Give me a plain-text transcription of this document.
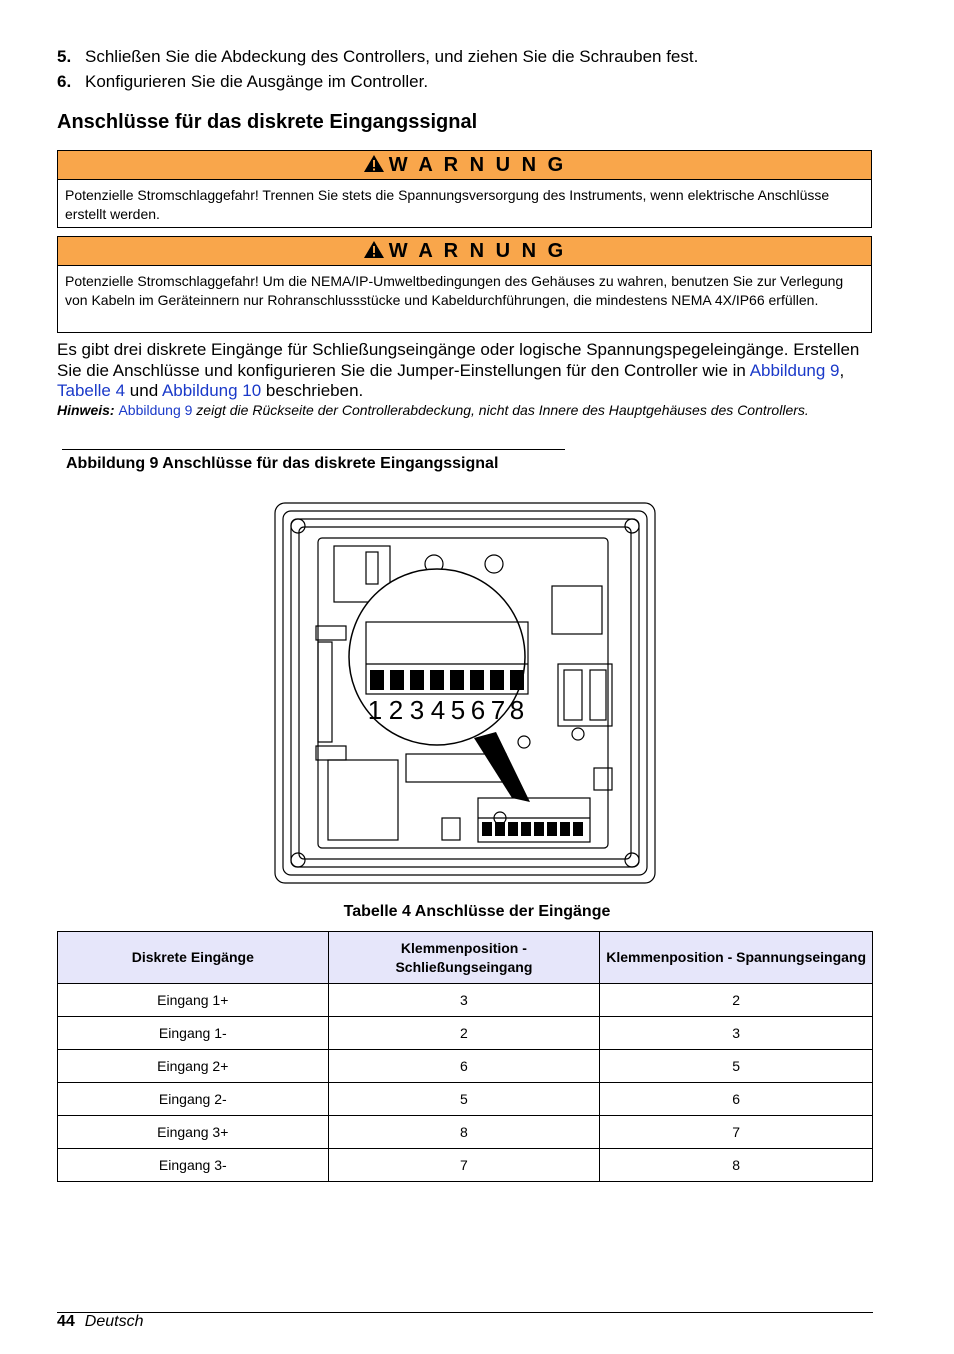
5. Schließen Sie die Abdeckung des Controllers, und ziehen Sie die Schrauben fest.
6. Konfigurieren Sie die Ausgänge im Controller.
Anschlüsse für das diskrete Eingangssignal
W A R N U N G
Potenzielle Stromschlaggefahr! Trennen Sie stets die Spannungsversorgung des Instruments, wenn elektrische Anschlüsse erstellt werden.
W A R N U N G
Potenzielle Stromschlaggefahr! Um die NEMA/IP-Umweltbedingungen des Gehäuses zu wahren, benutzen Sie zur Verlegung von Kabeln im Geräteinnern nur Rohranschlussstücke und Kabeldurchführungen, die mindestens NEMA 4X/IP66 erfüllen.
Es gibt drei diskrete Eingänge für Schließungseingänge oder logische Spannungspegeleingänge. Erstellen Sie die Anschlüsse und konfigurieren Sie die Jumper-Einstellungen für den Controller wie in Abbildung 9, Tabelle 4 und Abbildung 10 beschrieben.
Hinweis: Abbildung 9 zeigt die Rückseite der Controllerabdeckung, nicht das Innere des Hauptgehäuses des Controllers.
Abbildung 9 Anschlüsse für das diskrete Eingangssignal
1 2 3 4 5 6 7 8
Tabelle 4 Anschlüsse der Eingänge
Diskrete Eingänge	Klemmenposition - Schließungseingang	Klemmenposition - Spannungseingang
Eingang 1+	3	2
Eingang 1-	2	3
Eingang 2+	6	5
Eingang 2-	5	6
Eingang 3+	8	7
Eingang 3-	7	8
44 Deutsch
